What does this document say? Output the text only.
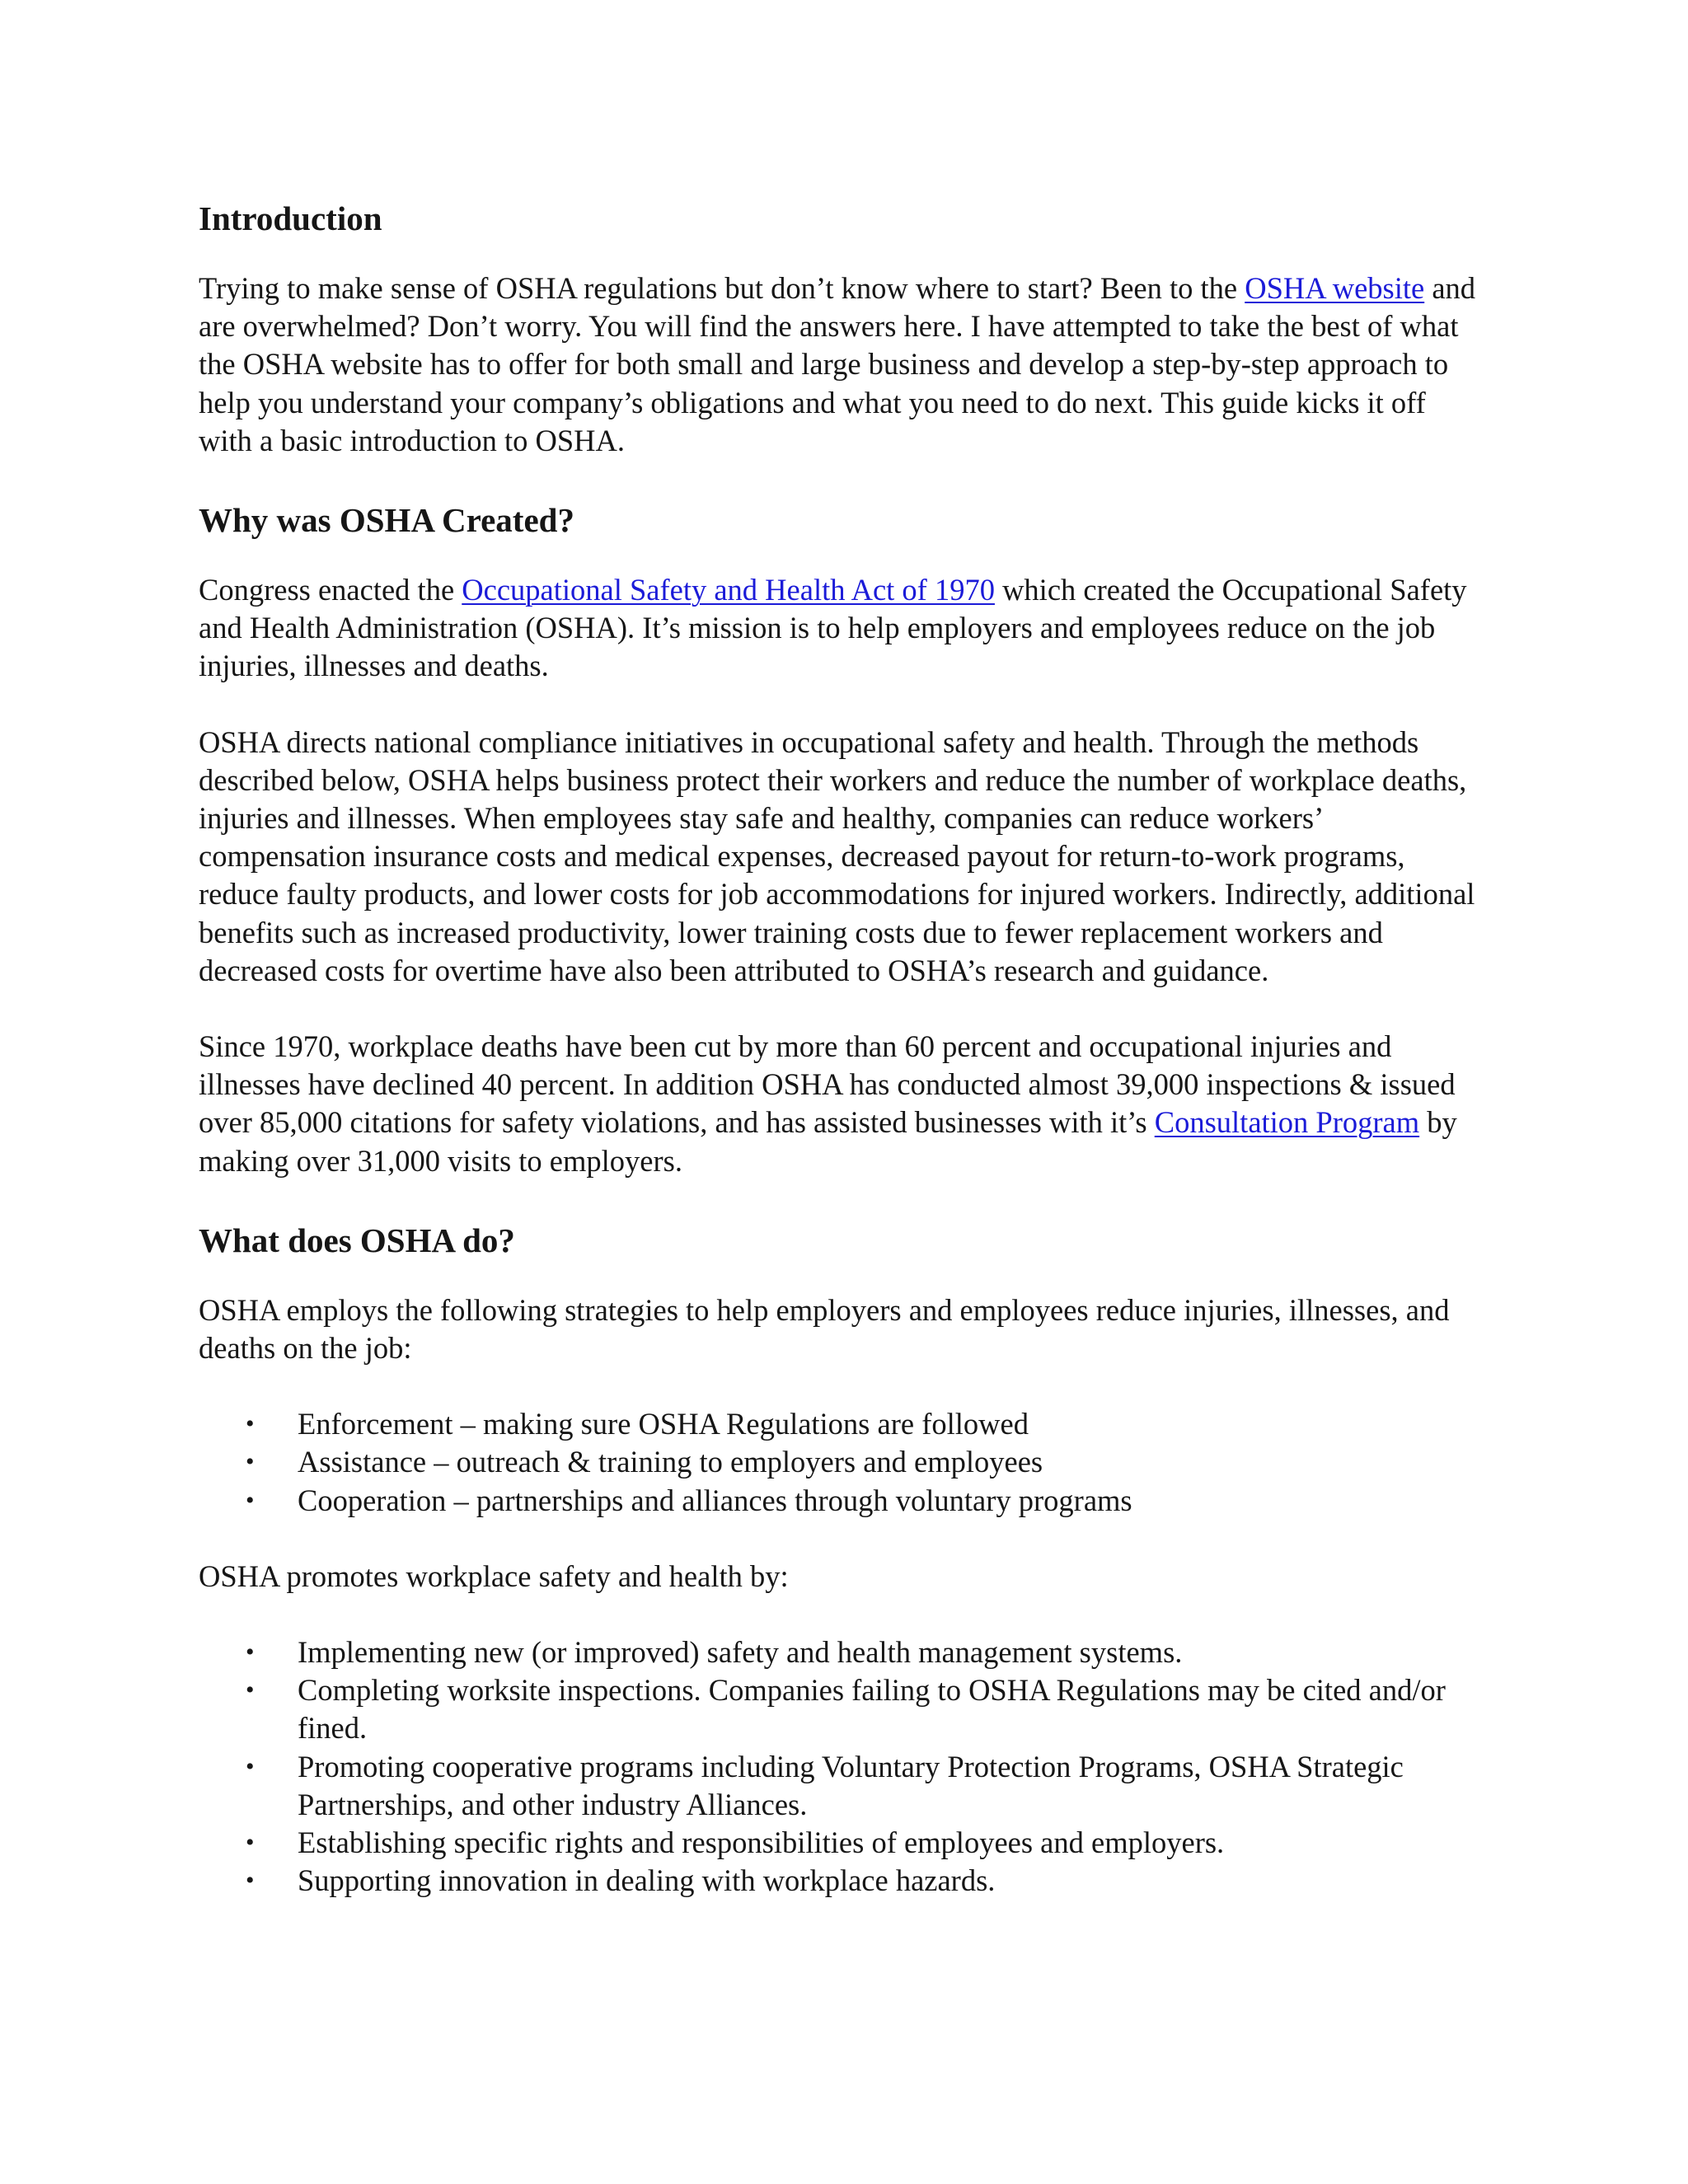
Introduction

Trying to make sense of OSHA regulations but don’t know where to start? Been to the OSHA website and are overwhelmed? Don’t worry. You will find the answers here. I have attempted to take the best of what the OSHA website has to offer for both small and large business and develop a step-by-step approach to help you understand your company’s obligations and what you need to do next. This guide kicks it off with a basic introduction to OSHA.

Why was OSHA Created?

Congress enacted the Occupational Safety and Health Act of 1970 which created the Occupational Safety and Health Administration (OSHA). It’s mission is to help employers and employees reduce on the job injuries, illnesses and deaths.

OSHA directs national compliance initiatives in occupational safety and health. Through the methods described below, OSHA helps business protect their workers and reduce the number of workplace deaths, injuries and illnesses. When employees stay safe and healthy, companies can reduce workers’ compensation insurance costs and medical expenses, decreased payout for return-to-work programs, reduce faulty products, and lower costs for job accommodations for injured workers. Indirectly, additional benefits such as increased productivity, lower training costs due to fewer replacement workers and decreased costs for overtime have also been attributed to OSHA’s research and guidance.

Since 1970, workplace deaths have been cut by more than 60 percent and occupational injuries and illnesses have declined 40 percent. In addition OSHA has conducted almost 39,000 inspections & issued over 85,000 citations for safety violations, and has assisted businesses with it’s Consultation Program by making over 31,000 visits to employers.

What does OSHA do?

OSHA employs the following strategies to help employers and employees reduce injuries, illnesses, and deaths on the job:

• Enforcement – making sure OSHA Regulations are followed
• Assistance – outreach & training to employers and employees
• Cooperation – partnerships and alliances through voluntary programs

OSHA promotes workplace safety and health by:

• Implementing new (or improved) safety and health management systems.
• Completing worksite inspections. Companies failing to OSHA Regulations may be cited and/or fined.
• Promoting cooperative programs including Voluntary Protection Programs, OSHA Strategic Partnerships, and other industry Alliances.
• Establishing specific rights and responsibilities of employees and employers.
• Supporting innovation in dealing with workplace hazards.
